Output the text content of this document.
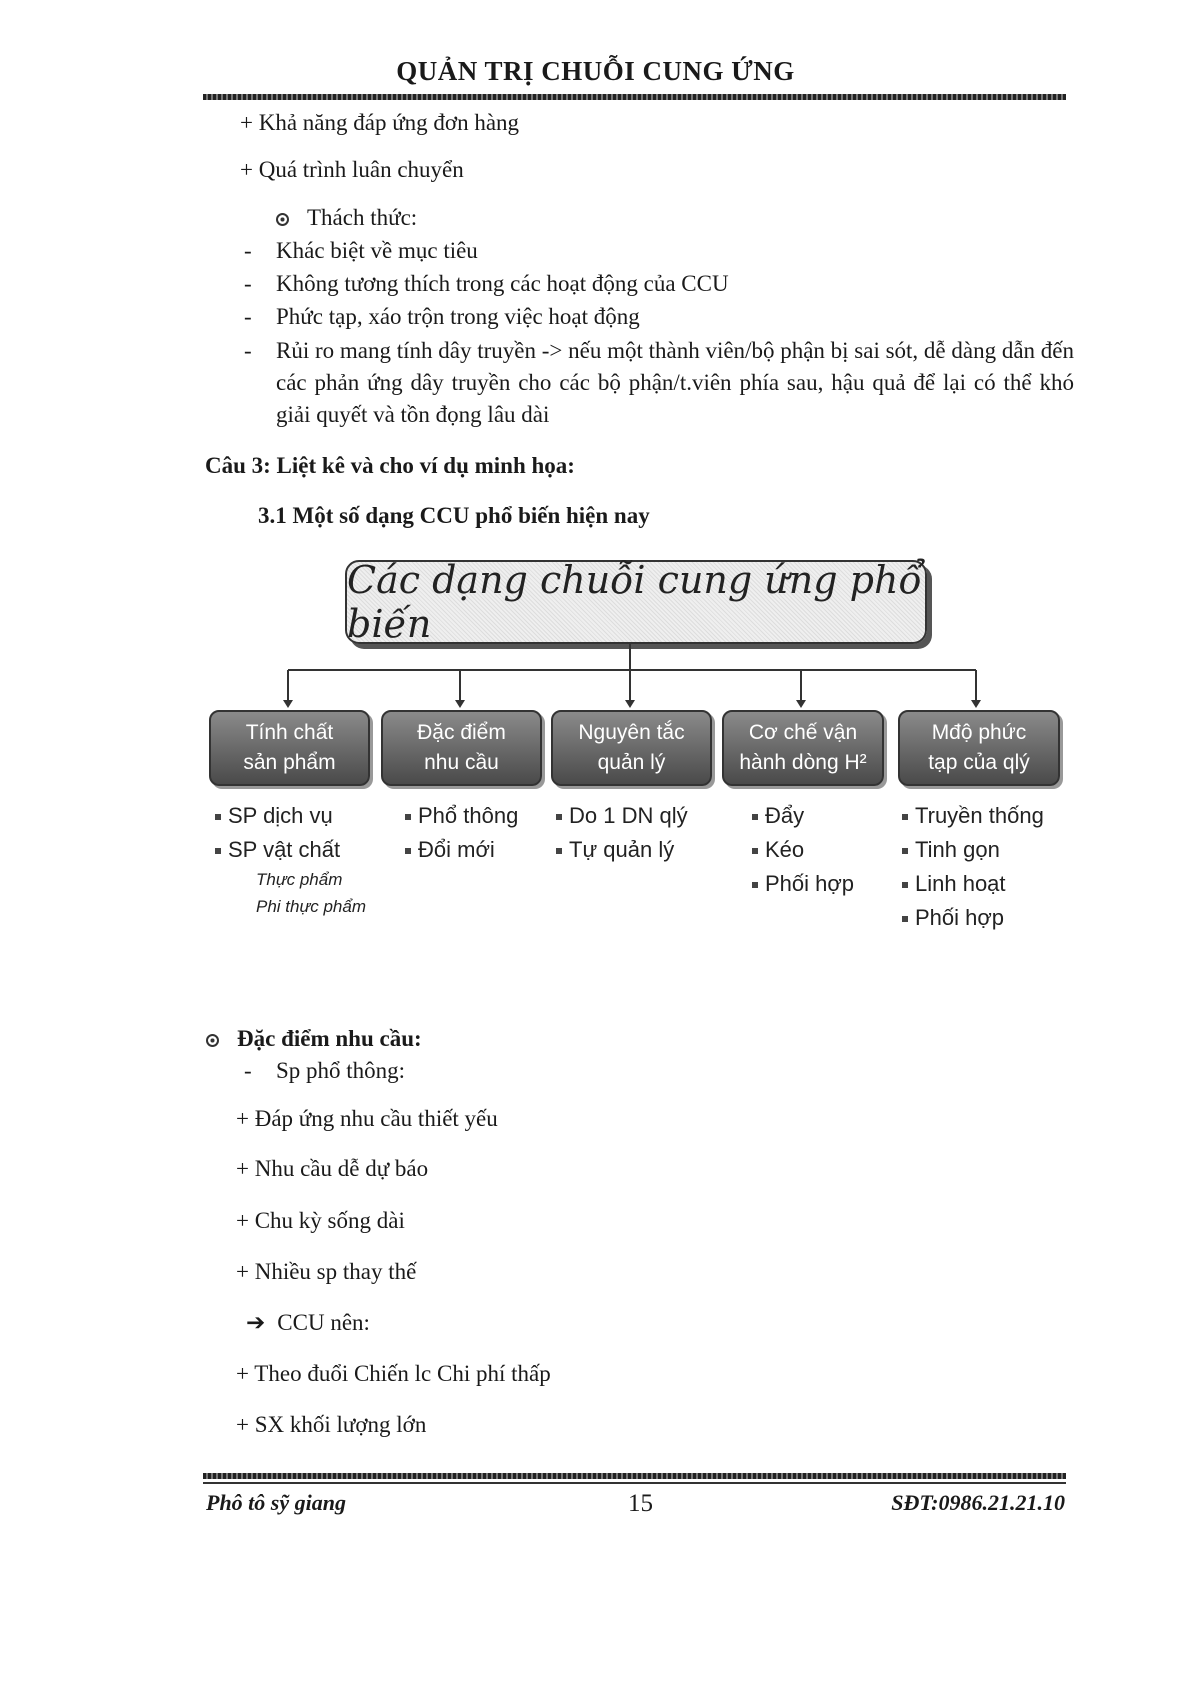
QUẢN TRỊ CHUỖI CUNG ỨNG
+ Khả năng đáp ứng đơn hàng
+ Quá trình luân chuyển
Thách thức:
- Khác biệt về mục tiêu
- Không tương thích trong các hoạt động của CCU
- Phức tạp, xáo trộn trong việc hoạt động
- Rủi ro mang tính dây truyền -> nếu một thành viên/bộ phận bị sai sót, dễ dàng dẫn đến các phản ứng dây truyền cho các bộ phận/t.viên phía sau, hậu quả để lại có thể khó giải quyết và tồn đọng lâu dài
Câu 3: Liệt kê và cho ví dụ minh họa:
3.1 Một số dạng CCU phổ biến hiện nay
Các dạng chuỗi cung ứng phổ biến
Tính chất
sản phẩm
SP dịch vụ
SP vật chất
Thực phẩm
Phi thực phẩm
Đặc điểm
nhu cầu
Phổ thông
Đổi mới
Nguyên tắc
quản lý
Do 1 DN qlý
Tự quản lý
Cơ chế vận
hành dòng H²
Đẩy
Kéo
Phối hợp
Mđộ phức
tạp của qlý
Truyền thống
Tinh gọn
Linh hoạt
Phối hợp
Đặc điểm nhu cầu:
- Sp phổ thông:
+ Đáp ứng nhu cầu thiết yếu
+ Nhu cầu dễ dự báo
+ Chu kỳ sống dài
+ Nhiều sp thay thế
➔ CCU nên:
+ Theo đuổi Chiến lc Chi phí thấp
+ SX khối lượng lớn
Phô tô sỹ giang	15	SĐT:0986.21.21.10
